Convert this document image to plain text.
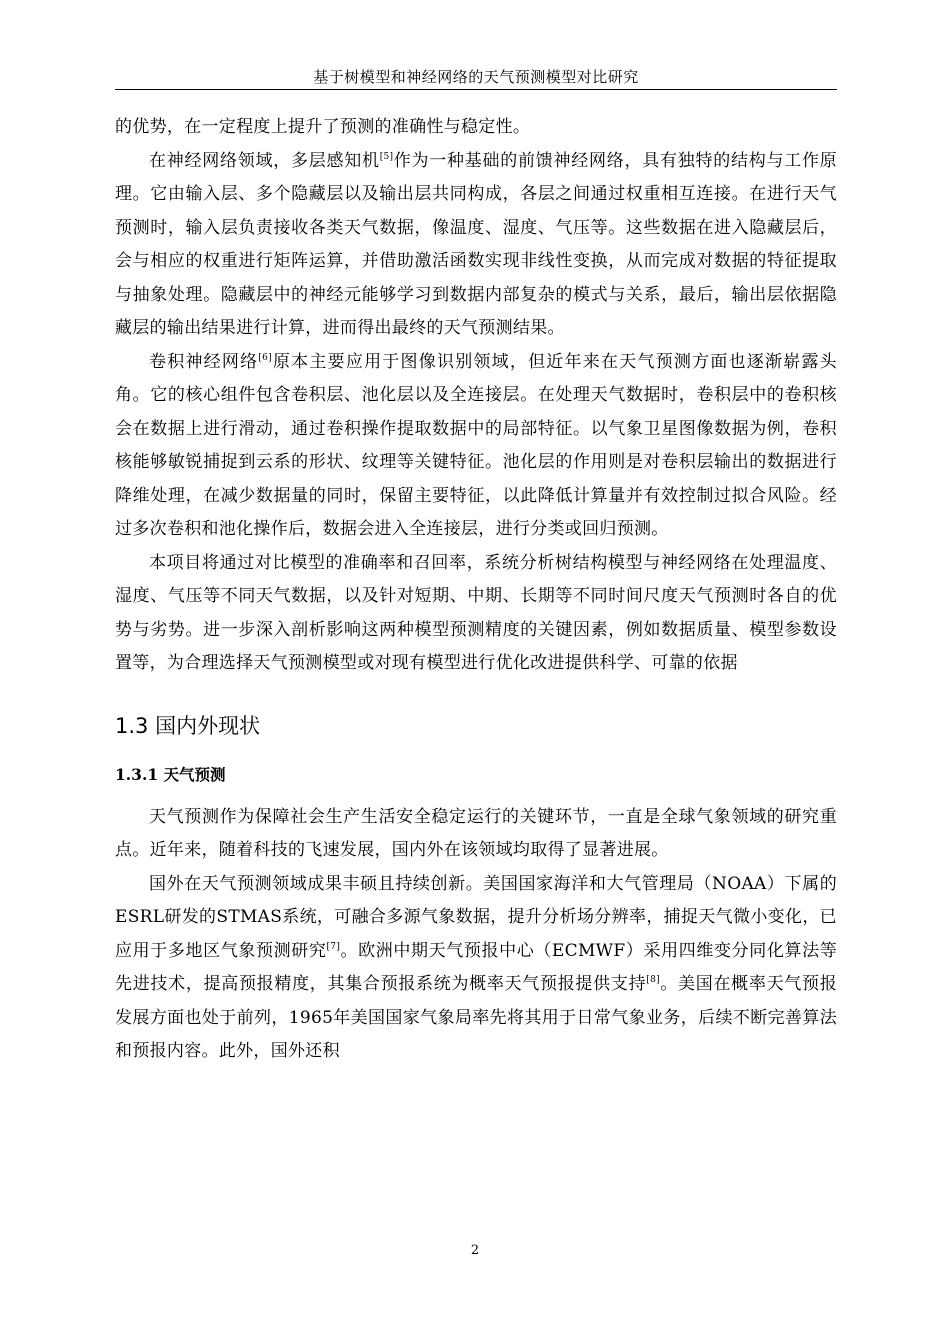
基于树模型和神经网络的天气预测模型对比研究

的优势，在一定程度上提升了预测的准确性与稳定性。

在神经网络领域，多层感知机[5]作为一种基础的前馈神经网络，具有独特的结构与工作原理。它由输入层、多个隐藏层以及输出层共同构成，各层之间通过权重相互连接。在进行天气预测时，输入层负责接收各类天气数据，像温度、湿度、气压等。这些数据在进入隐藏层后，会与相应的权重进行矩阵运算，并借助激活函数实现非线性变换，从而完成对数据的特征提取与抽象处理。隐藏层中的神经元能够学习到数据内部复杂的模式与关系，最后，输出层依据隐藏层的输出结果进行计算，进而得出最终的天气预测结果。

卷积神经网络[6]原本主要应用于图像识别领域，但近年来在天气预测方面也逐渐崭露头角。它的核心组件包含卷积层、池化层以及全连接层。在处理天气数据时，卷积层中的卷积核会在数据上进行滑动，通过卷积操作提取数据中的局部特征。以气象卫星图像数据为例，卷积核能够敏锐捕捉到云系的形状、纹理等关键特征。池化层的作用则是对卷积层输出的数据进行降维处理，在减少数据量的同时，保留主要特征，以此降低计算量并有效控制过拟合风险。经过多次卷积和池化操作后，数据会进入全连接层，进行分类或回归预测。

本项目将通过对比模型的准确率和召回率，系统分析树结构模型与神经网络在处理温度、湿度、气压等不同天气数据，以及针对短期、中期、长期等不同时间尺度天气预测时各自的优势与劣势。进一步深入剖析影响这两种模型预测精度的关键因素，例如数据质量、模型参数设置等，为合理选择天气预测模型或对现有模型进行优化改进提供科学、可靠的依据

1.3 国内外现状
1.3.1 天气预测

天气预测作为保障社会生产生活安全稳定运行的关键环节，一直是全球气象领域的研究重点。近年来，随着科技的飞速发展，国内外在该领域均取得了显著进展。

国外在天气预测领域成果丰硕且持续创新。美国国家海洋和大气管理局（NOAA）下属的ESRL研发的STMAS系统，可融合多源气象数据，提升分析场分辨率，捕捉天气微小变化，已应用于多地区气象预测研究[7]。欧洲中期天气预报中心（ECMWF）采用四维变分同化算法等先进技术，提高预报精度，其集合预报系统为概率天气预报提供支持[8]。美国在概率天气预报发展方面也处于前列，1965年美国国家气象局率先将其用于日常气象业务，后续不断完善算法和预报内容。此外，国外还积

2
